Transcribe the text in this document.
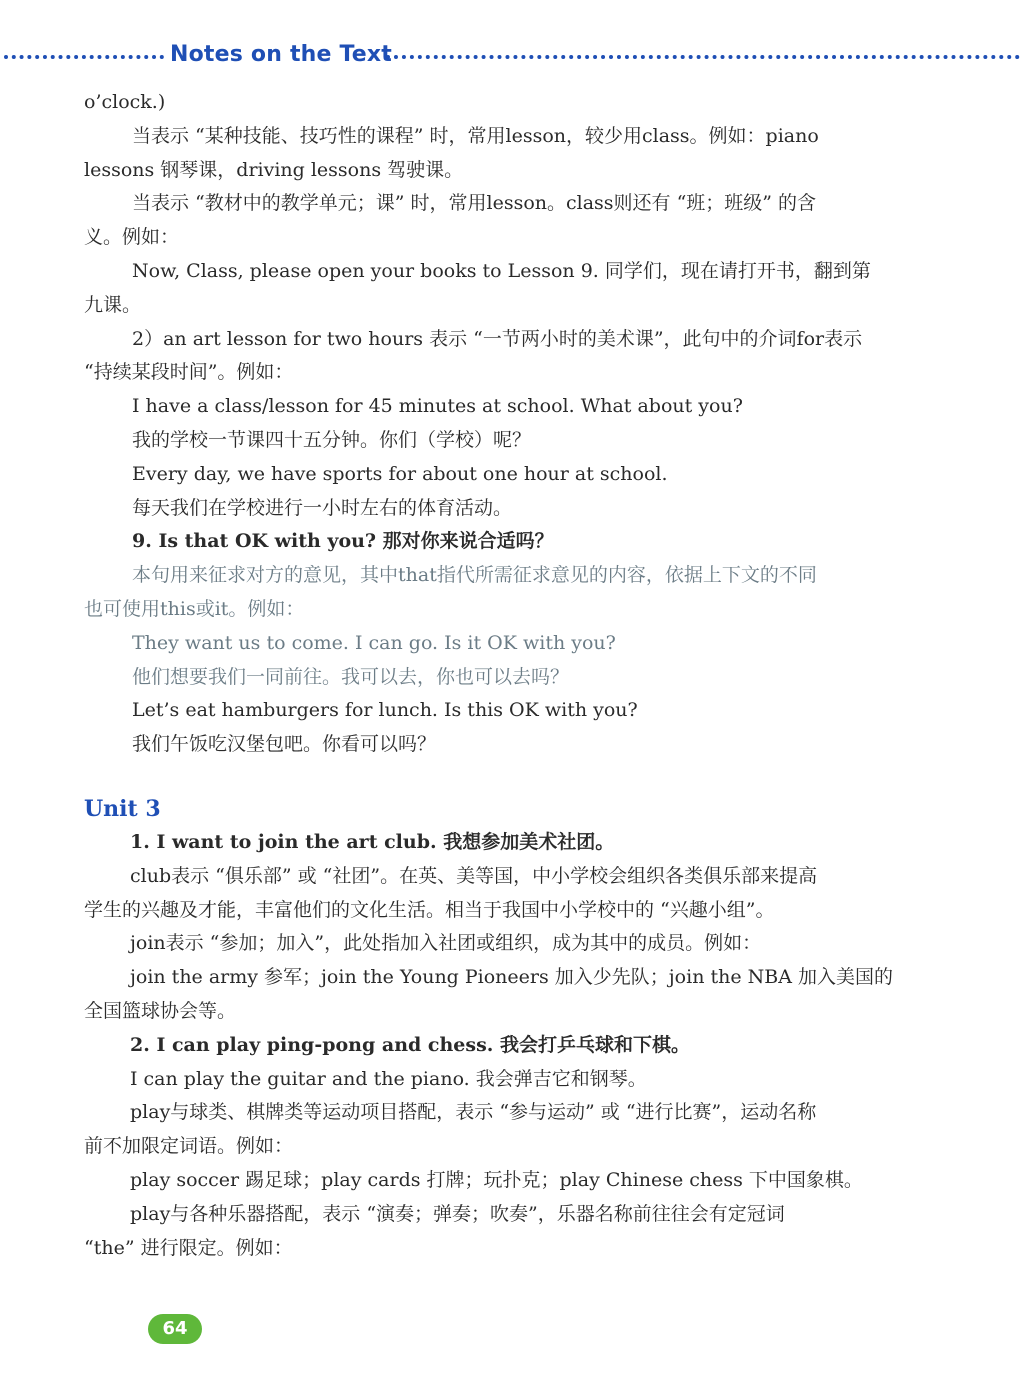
Notes on the Text
o’clock.)
当表示 “某种技能、技巧性的课程” 时，常用lesson，较少用class。例如：piano
lessons 钢琴课，driving lessons 驾驶课。
当表示 “教材中的教学单元；课” 时，常用lesson。class则还有 “班；班级” 的含
义。例如：
Now, Class, please open your books to Lesson 9. 同学们，现在请打开书，翻到第
九课。
2）an art lesson for two hours 表示 “一节两小时的美术课”，此句中的介词for表示
“持续某段时间”。例如：
I have a class/lesson for 45 minutes at school. What about you?
我的学校一节课四十五分钟。你们（学校）呢？
Every day, we have sports for about one hour at school.
每天我们在学校进行一小时左右的体育活动。
9. Is that OK with you? 那对你来说合适吗？
本句用来征求对方的意见，其中that指代所需征求意见的内容，依据上下文的不同
也可使用this或it。例如：
They want us to come. I can go. Is it OK with you?
他们想要我们一同前往。我可以去，你也可以去吗？
Let’s eat hamburgers for lunch. Is this OK with you?
我们午饭吃汉堡包吧。你看可以吗？
Unit 3
1. I want to join the art club. 我想参加美术社团。
club表示 “俱乐部” 或 “社团”。在英、美等国，中小学校会组织各类俱乐部来提高
学生的兴趣及才能，丰富他们的文化生活。相当于我国中小学校中的 “兴趣小组”。
join表示 “参加；加入”，此处指加入社团或组织，成为其中的成员。例如：
join the army 参军；join the Young Pioneers 加入少先队；join the NBA 加入美国的
全国篮球协会等。
2. I can play ping-pong and chess. 我会打乒乓球和下棋。
I can play the guitar and the piano. 我会弹吉它和钢琴。
play与球类、棋牌类等运动项目搭配，表示 “参与运动” 或 “进行比赛”，运动名称
前不加限定词语。例如：
play soccer 踢足球；play cards 打牌；玩扑克；play Chinese chess 下中国象棋。
play与各种乐器搭配，表示 “演奏；弹奏；吹奏”，乐器名称前往往会有定冠词
“the” 进行限定。例如：
64
